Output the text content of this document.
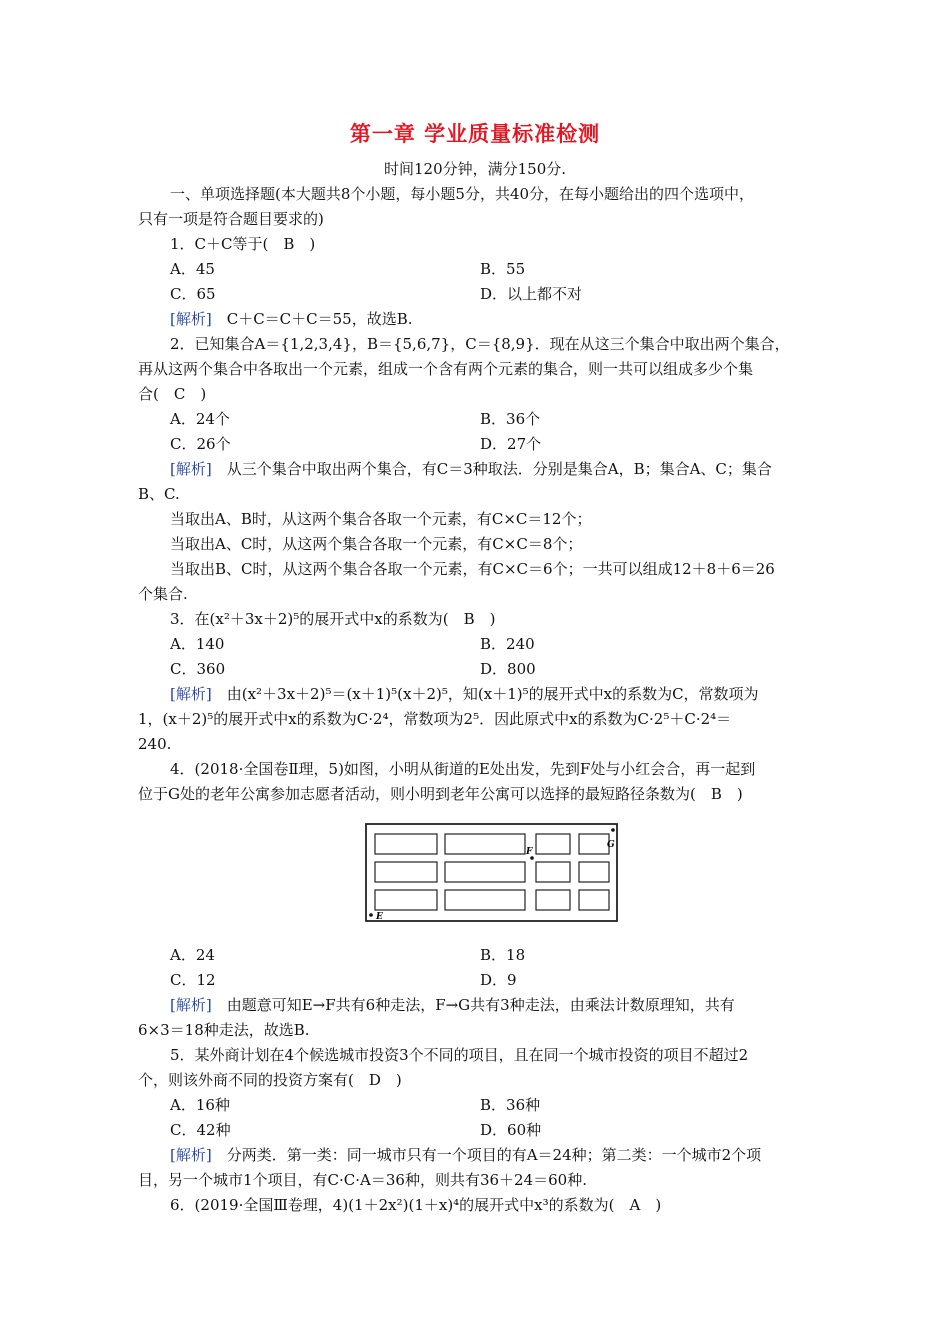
第一章 学业质量标准检测
时间120分钟，满分150分.
一、单项选择题(本大题共8个小题，每小题5分，共40分，在每小题给出的四个选项中，
只有一项是符合题目要求的)
1．C＋C等于(　B　)
A．45	B．55
C．65	D．以上都不对
[解析]　C＋C＝C＋C＝55，故选B.
2．已知集合A＝{1,2,3,4}，B＝{5,6,7}，C＝{8,9}．现在从这三个集合中取出两个集合，
再从这两个集合中各取出一个元素，组成一个含有两个元素的集合，则一共可以组成多少个集
合(　C　)
A．24个	B．36个
C．26个	D．27个
[解析]　从三个集合中取出两个集合，有C＝3种取法．分别是集合A，B；集合A、C；集合
B、C.
当取出A、B时，从这两个集合各取一个元素，有C×C＝12个；
当取出A、C时，从这两个集合各取一个元素，有C×C＝8个；
当取出B、C时，从这两个集合各取一个元素，有C×C＝6个；一共可以组成12＋8＋6＝26
个集合.
3．在(x²＋3x＋2)⁵的展开式中x的系数为(　B　)
A．140	B．240
C．360	D．800
[解析]　由(x²＋3x＋2)⁵＝(x＋1)⁵(x＋2)⁵，知(x＋1)⁵的展开式中x的系数为C，常数项为
1，(x＋2)⁵的展开式中x的系数为C·2⁴，常数项为2⁵．因此原式中x的系数为C·2⁵＋C·2⁴＝
240.
4．(2018·全国卷Ⅱ理，5)如图，小明从街道的E处出发，先到F处与小红会合，再一起到
位于G处的老年公寓参加志愿者活动，则小明到老年公寓可以选择的最短路径条数为(　B　)
F
G
E
A．24	B．18
C．12	D．9
[解析]　由题意可知E→F共有6种走法，F→G共有3种走法，由乘法计数原理知，共有
6×3＝18种走法，故选B.
5．某外商计划在4个候选城市投资3个不同的项目，且在同一个城市投资的项目不超过2
个，则该外商不同的投资方案有(　D　)
A．16种	B．36种
C．42种	D．60种
[解析]　分两类．第一类：同一城市只有一个项目的有A＝24种；第二类：一个城市2个项
目，另一个城市1个项目，有C·C·A＝36种，则共有36＋24＝60种.
6．(2019·全国Ⅲ卷理，4)(1＋2x²)(1＋x)⁴的展开式中x³的系数为(　A　)
